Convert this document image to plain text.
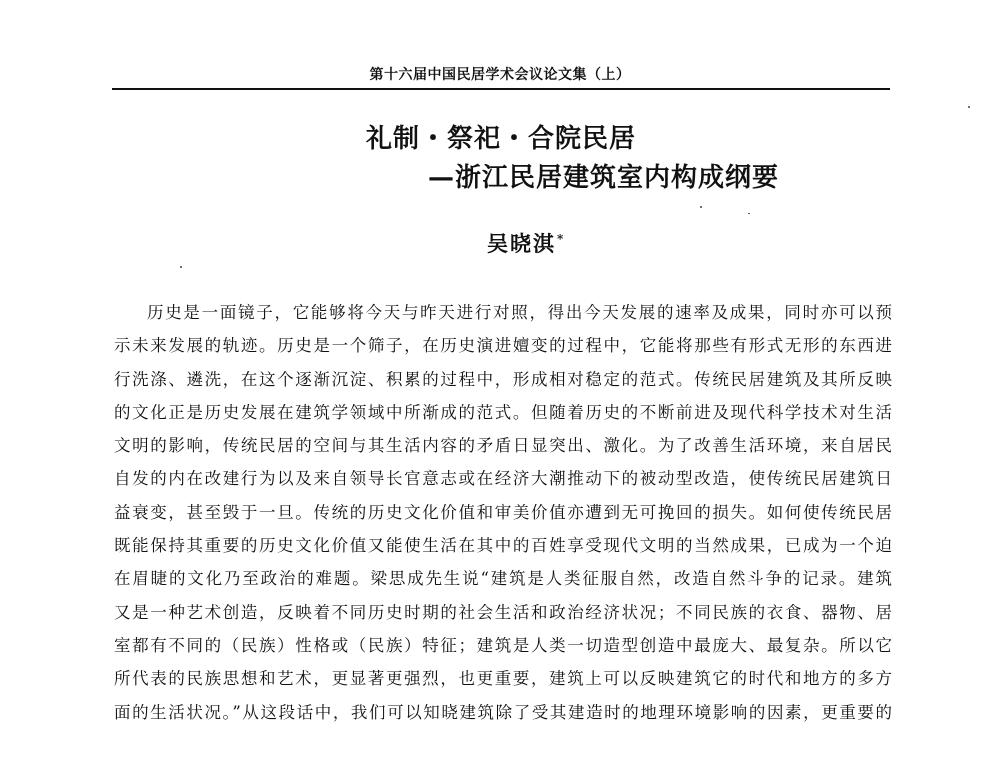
第十六届中国民居学术会议论文集（上）
礼制・祭祀・合院民居
—浙江民居建筑室内构成纲要
吴晓淇*
历史是一面镜子，它能够将今天与昨天进行对照，得出今天发展的速率及成果，同时亦可以预
示未来发展的轨迹。历史是一个筛子，在历史演进嬗变的过程中，它能将那些有形式无形的东西进
行洗涤、遴洗，在这个逐渐沉淀、积累的过程中，形成相对稳定的范式。传统民居建筑及其所反映
的文化正是历史发展在建筑学领域中所渐成的范式。但随着历史的不断前进及现代科学技术对生活
文明的影响，传统民居的空间与其生活内容的矛盾日显突出、激化。为了改善生活环境，来自居民
自发的内在改建行为以及来自领导长官意志或在经济大潮推动下的被动型改造，使传统民居建筑日
益衰变，甚至毁于一旦。传统的历史文化价值和审美价值亦遭到无可挽回的损失。如何使传统民居
既能保持其重要的历史文化价值又能使生活在其中的百姓享受现代文明的当然成果，已成为一个迫
在眉睫的文化乃至政治的难题。梁思成先生说“建筑是人类征服自然，改造自然斗争的记录。建筑
又是一种艺术创造，反映着不同历史时期的社会生活和政治经济状况；不同民族的衣食、器物、居
室都有不同的（民族）性格或（民族）特征；建筑是人类一切造型创造中最庞大、最复杂。所以它
所代表的民族思想和艺术，更显著更强烈，也更重要，建筑上可以反映建筑它的时代和地方的多方
面的生活状况。”从这段话中，我们可以知晓建筑除了受其建造时的地理环境影响的因素，更重要的
